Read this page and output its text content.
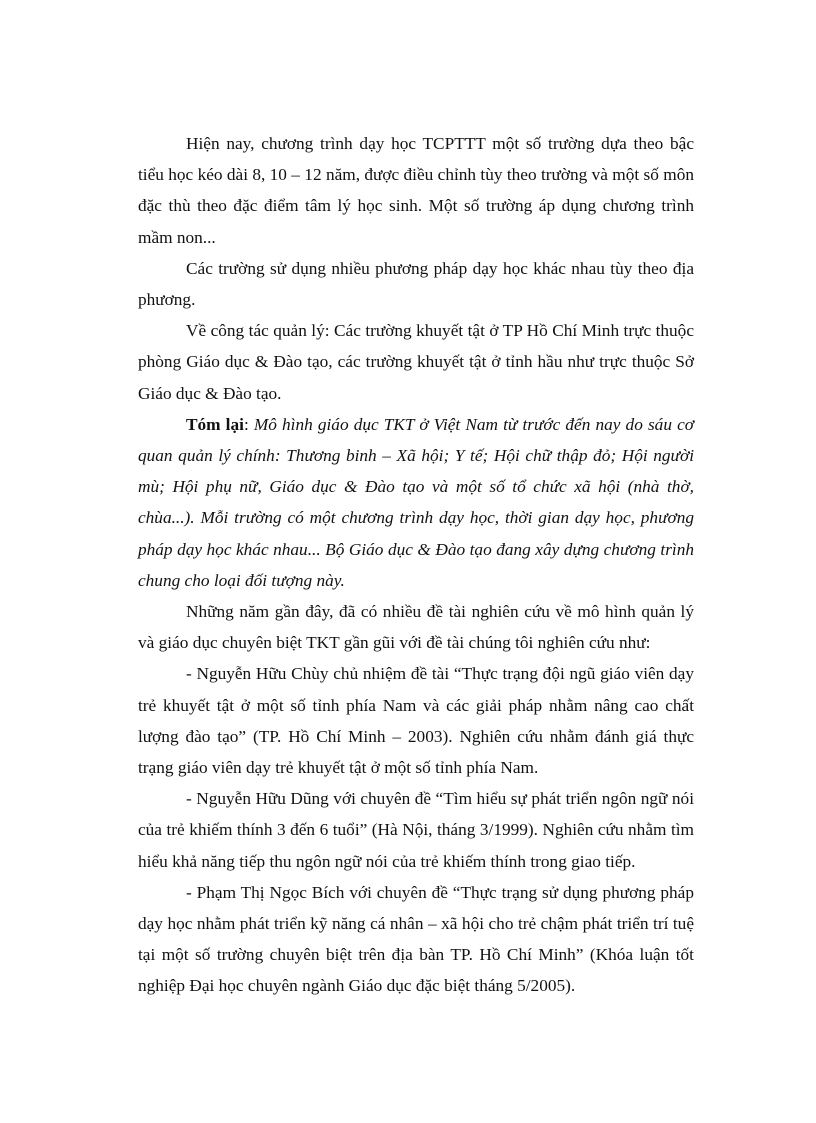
Hiện nay, chương trình dạy học TCPTTT một số trường dựa theo bậc tiểu học kéo dài 8, 10 – 12 năm, được điều chỉnh tùy theo trường và một số môn đặc thù theo đặc điểm tâm lý học sinh. Một số trường áp dụng chương trình mầm non...

Các trường sử dụng nhiều phương pháp dạy học khác nhau tùy theo địa phương.

Về công tác quản lý: Các trường khuyết tật ở TP Hồ Chí Minh trực thuộc phòng Giáo dục & Đào tạo, các trường khuyết tật ở tỉnh hầu như trực thuộc Sở Giáo dục & Đào tạo.

Tóm lại: Mô hình giáo dục TKT ở Việt Nam từ trước đến nay do sáu cơ quan quản lý chính: Thương binh – Xã hội; Y tế; Hội chữ thập đỏ; Hội người mù; Hội phụ nữ, Giáo dục & Đào tạo và một số tổ chức xã hội (nhà thờ, chùa...). Mỗi trường có một chương trình dạy học, thời gian dạy học, phương pháp dạy học khác nhau... Bộ Giáo dục & Đào tạo đang xây dựng chương trình chung cho loại đối tượng này.

Những năm gần đây, đã có nhiều đề tài nghiên cứu về mô hình quản lý và giáo dục chuyên biệt TKT gần gũi với đề tài chúng tôi nghiên cứu như:

- Nguyễn Hữu Chùy chủ nhiệm đề tài “Thực trạng đội ngũ giáo viên dạy trẻ khuyết tật ở một số tỉnh phía Nam và các giải pháp nhằm nâng cao chất lượng đào tạo” (TP. Hồ Chí Minh – 2003). Nghiên cứu nhằm đánh giá thực trạng giáo viên dạy trẻ khuyết tật ở một số tỉnh phía Nam.

- Nguyễn Hữu Dũng với chuyên đề “Tìm hiểu sự phát triển ngôn ngữ nói của trẻ khiếm thính 3 đến 6 tuổi” (Hà Nội, tháng 3/1999). Nghiên cứu nhằm tìm hiểu khả năng tiếp thu ngôn ngữ nói của trẻ khiếm thính trong giao tiếp.

- Phạm Thị Ngọc Bích với chuyên đề “Thực trạng sử dụng phương pháp dạy học nhằm phát triển kỹ năng cá nhân – xã hội cho trẻ chậm phát triển trí tuệ tại một số trường chuyên biệt trên địa bàn TP. Hồ Chí Minh” (Khóa luận tốt nghiệp Đại học chuyên ngành Giáo dục đặc biệt tháng 5/2005).
